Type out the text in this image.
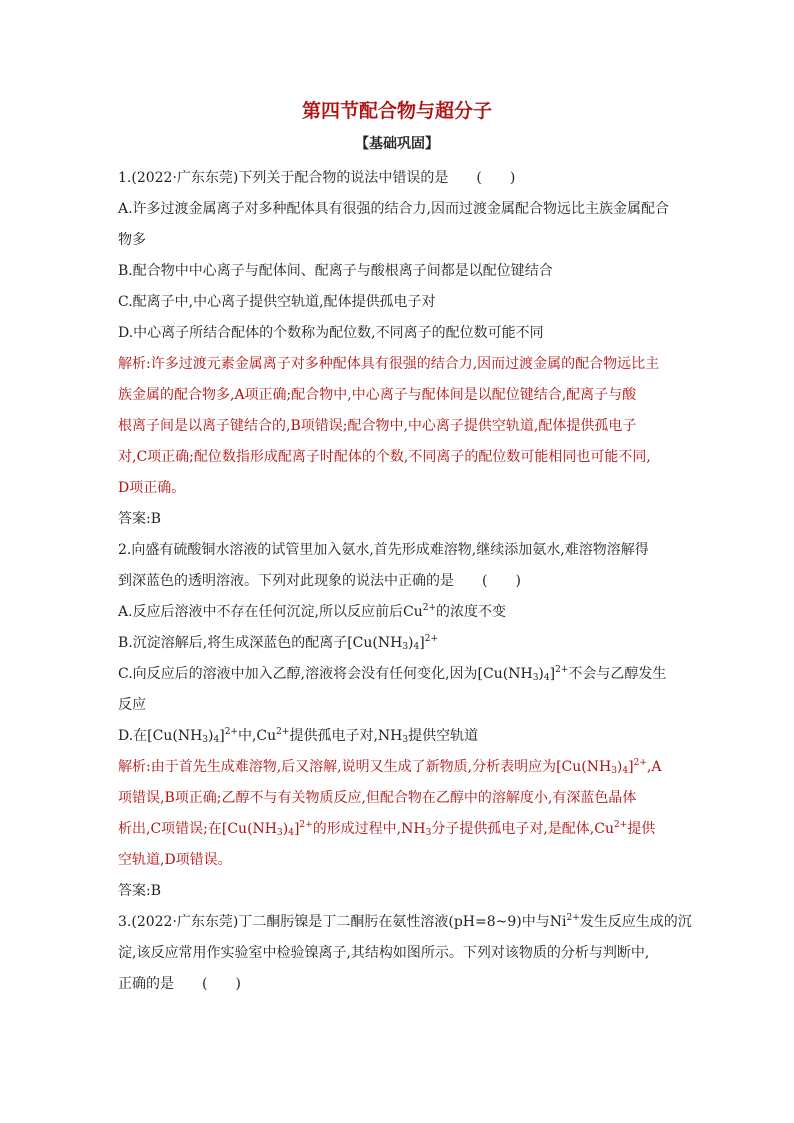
第四节配合物与超分子
【基础巩固】
1.(2022·广东东莞)下列关于配合物的说法中错误的是　　(　　)
A.许多过渡金属离子对多种配体具有很强的结合力,因而过渡金属配合物远比主族金属配合
物多
B.配合物中中心离子与配体间、配离子与酸根离子间都是以配位键结合
C.配离子中,中心离子提供空轨道,配体提供孤电子对
D.中心离子所结合配体的个数称为配位数,不同离子的配位数可能不同
解析:许多过渡元素金属离子对多种配体具有很强的结合力,因而过渡金属的配合物远比主
族金属的配合物多,A项正确;配合物中,中心离子与配体间是以配位键结合,配离子与酸
根离子间是以离子键结合的,B项错误;配合物中,中心离子提供空轨道,配体提供孤电子
对,C项正确;配位数指形成配离子时配体的个数,不同离子的配位数可能相同也可能不同,
D项正确。
答案:B
2.向盛有硫酸铜水溶液的试管里加入氨水,首先形成难溶物,继续添加氨水,难溶物溶解得
到深蓝色的透明溶液。下列对此现象的说法中正确的是　　(　　)
A.反应后溶液中不存在任何沉淀,所以反应前后$Cu^{2+}$的浓度不变
B.沉淀溶解后,将生成深蓝色的配离子$[Cu(NH_3)_4]^{2+}$
C.向反应后的溶液中加入乙醇,溶液将会没有任何变化,因为$[Cu(NH_3)_4]^{2+}$不会与乙醇发生
反应
D.在$[Cu(NH_3)_4]^{2+}$中$,Cu^{2+}$提供孤电子对$,NH_3$提供空轨道
解析:由于首先生成难溶物,后又溶解,说明又生成了新物质,分析表明应为$[Cu(NH_3)_4]^{2+},A$
项错误,B项正确;乙醇不与有关物质反应,但配合物在乙醇中的溶解度小,有深蓝色晶体
析出,C项错误;在$[Cu(NH_3)_4]^{2+}$的形成过程中$,NH_3$分子提供孤电子对,是配体$,Cu^{2+}$提供
空轨道,D项错误。
答案:B
3.(2022·广东东莞)丁二酮肟镍是丁二酮肟在氨性溶液(pH=8~9)中与$Ni^{2+}$发生反应生成的沉
淀,该反应常用作实验室中检验镍离子,其结构如图所示。下列对该物质的分析与判断中,
正确的是　　(　　)
